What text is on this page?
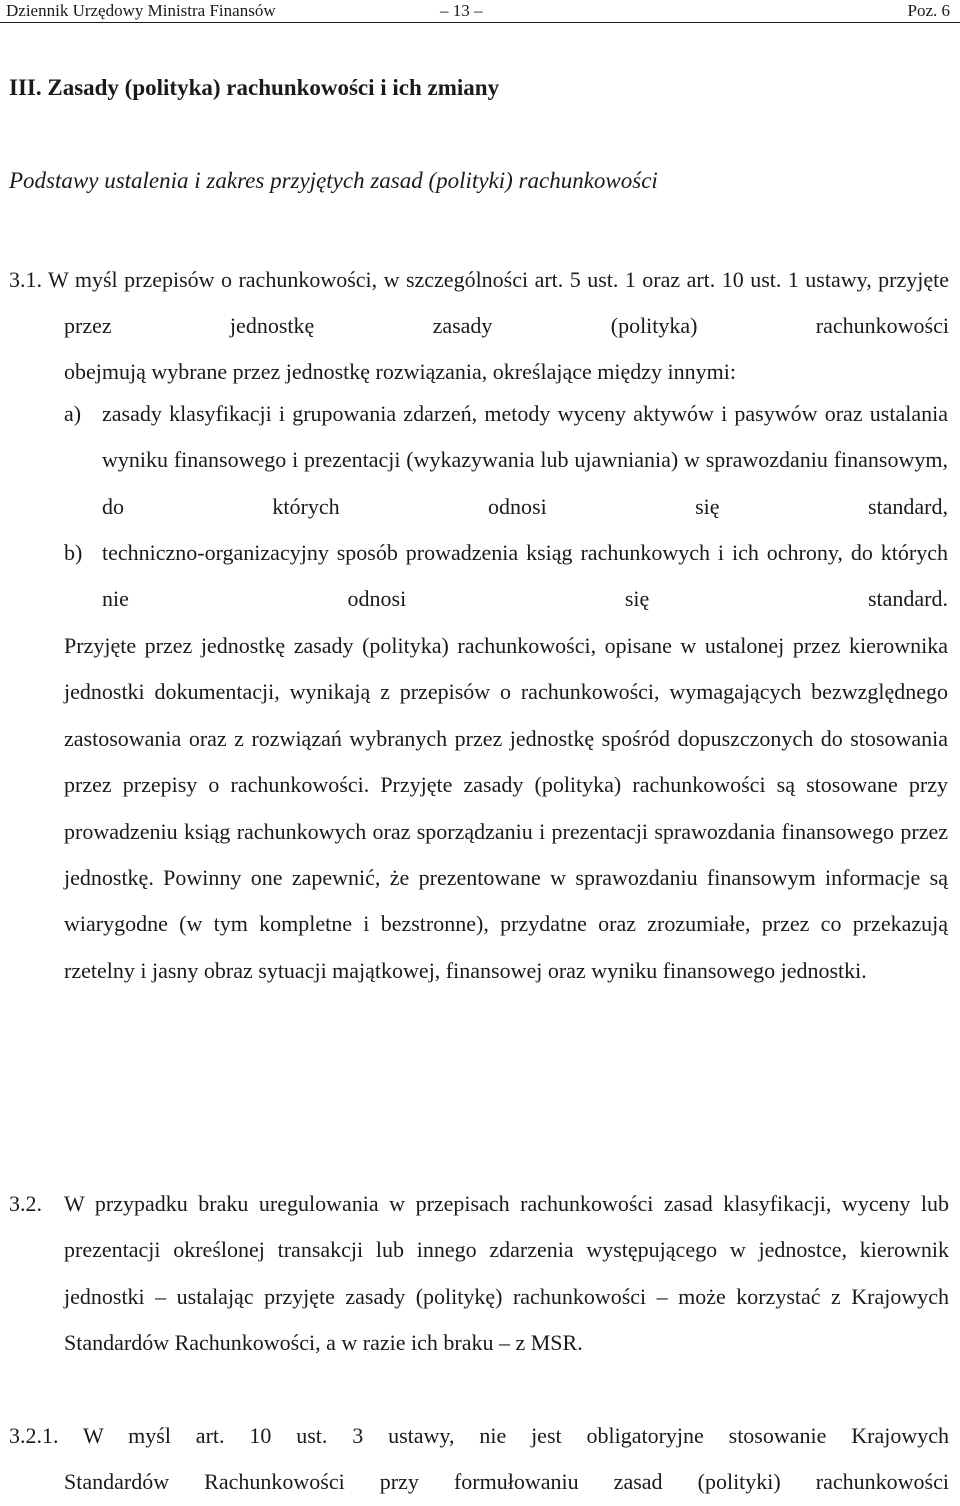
Dziennik Urzędowy Ministra Finansów	– 13 –	Poz. 6
III. Zasady (polityka) rachunkowości i ich zmiany
Podstawy ustalenia i zakres przyjętych zasad (polityki) rachunkowości
3.1. W myśl przepisów o rachunkowości, w szczególności art. 5 ust. 1 oraz art. 10 ust. 1 ustawy, przyjęte przez jednostkę zasady (polityka) rachunkowości
obejmują wybrane przez jednostkę rozwiązania, określające między innymi:
a) zasady klasyfikacji i grupowania zdarzeń, metody wyceny aktywów i pasywów oraz ustalania wyniku finansowego i prezentacji (wykazywania lub ujawniania) w sprawozdaniu finansowym, do których odnosi się standard,
b) techniczno-organizacyjny sposób prowadzenia ksiąg rachunkowych i ich ochrony, do których nie odnosi się standard.
Przyjęte przez jednostkę zasady (polityka) rachunkowości, opisane w ustalonej przez kierownika jednostki dokumentacji, wynikają z przepisów o rachunkowości, wymagających bezwzględnego zastosowania oraz z rozwiązań wybranych przez jednostkę spośród dopuszczonych do stosowania przez przepisy o rachunkowości. Przyjęte zasady (polityka) rachunkowości są stosowane przy prowadzeniu ksiąg rachunkowych oraz sporządzaniu i prezentacji sprawozdania finansowego przez jednostkę. Powinny one zapewnić, że prezentowane w sprawozdaniu finansowym informacje są wiarygodne (w tym kompletne i bezstronne), przydatne oraz zrozumiałe, przez co przekazują rzetelny i jasny obraz sytuacji majątkowej, finansowej oraz wyniku finansowego jednostki.
3.2. W przypadku braku uregulowania w przepisach rachunkowości zasad klasyfikacji, wyceny lub prezentacji określonej transakcji lub innego zdarzenia występującego w jednostce, kierownik jednostki – ustalając przyjęte zasady (politykę) rachunkowości – może korzystać z Krajowych Standardów Rachunkowości, a w razie ich braku – z MSR.
3.2.1. W myśl art. 10 ust. 3 ustawy, nie jest obligatoryjne stosowanie Krajowych
Standardów Rachunkowości przy formułowaniu zasad (polityki) rachunkowości
